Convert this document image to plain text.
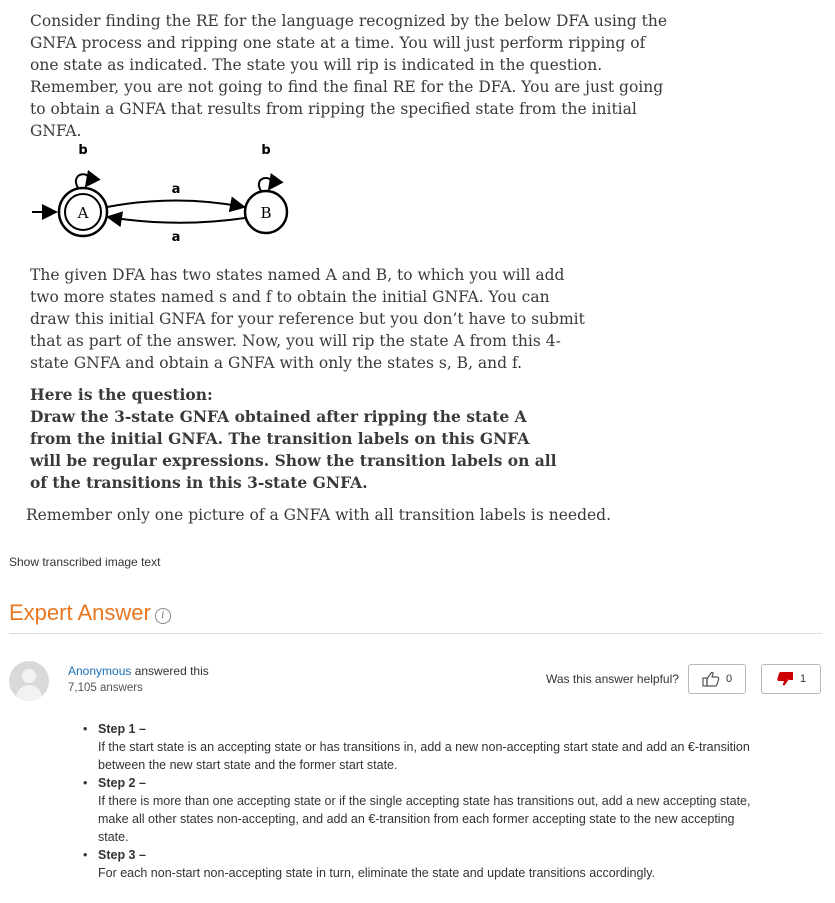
Consider finding the RE for the language recognized by the below DFA using the GNFA process and ripping one state at a time. You will just perform ripping of one state as indicated. The state you will rip is indicated in the question. Remember, you are not going to find the final RE for the DFA. You are just going to obtain a GNFA that results from ripping the specified state from the initial GNFA.

A	B
b	b
a
a

The given DFA has two states named A and B, to which you will add two more states named s and f to obtain the initial GNFA. You can draw this initial GNFA for your reference but you don’t have to submit that as part of the answer. Now, you will rip the state A from this 4-state GNFA and obtain a GNFA with only the states s, B, and f.

Here is the question:
Draw the 3-state GNFA obtained after ripping the state A
from the initial GNFA. The transition labels on this GNFA
will be regular expressions. Show the transition labels on all
of the transitions in this 3-state GNFA.

Remember only one picture of a GNFA with all transition labels is needed.

Show transcribed image text
Expert Answer i
Anonymous answered this
7,105 answers
Was this answer helpful?	0	1
• Step 1 –
If the start state is an accepting state or has transitions in, add a new non-accepting start state and add an €-transition between the new start state and the former start state.
• Step 2 –
If there is more than one accepting state or if the single accepting state has transitions out, add a new accepting state, make all other states non-accepting, and add an €-transition from each former accepting state to the new accepting state.
• Step 3 –
For each non-start non-accepting state in turn, eliminate the state and update transitions accordingly.
